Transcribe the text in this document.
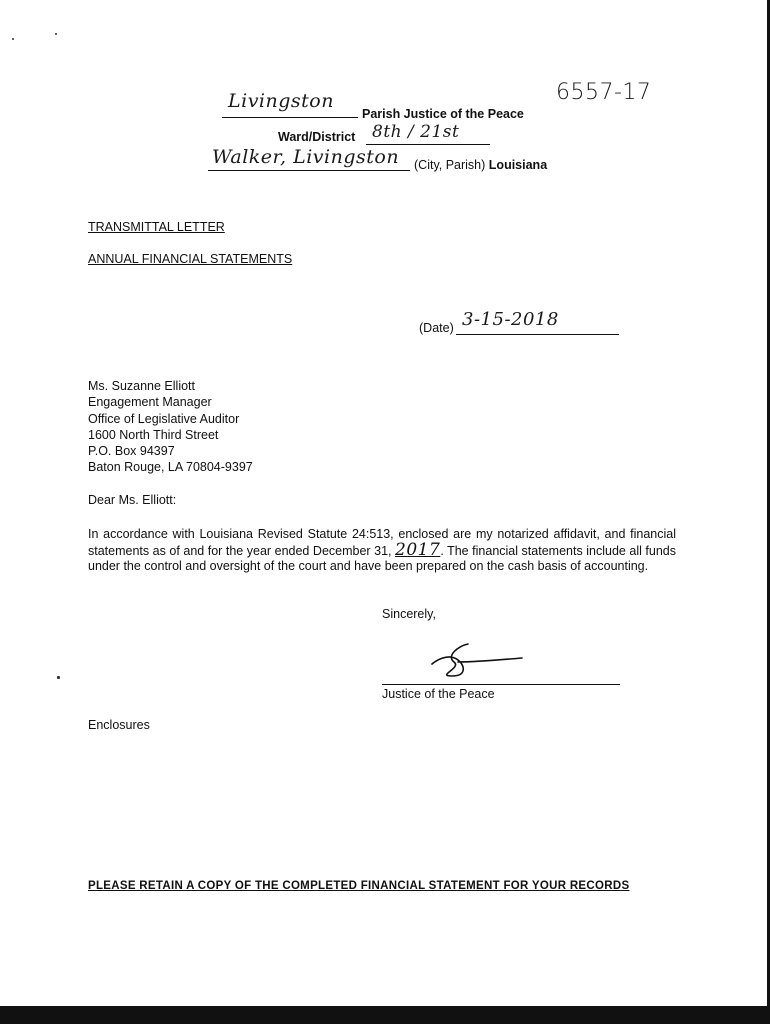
Livingston
Parish Justice of the Peace
6557-17
Ward/District 8th / 21st
Walker, Livingston (City, Parish) Louisiana
TRANSMITTAL LETTER
ANNUAL FINANCIAL STATEMENTS
(Date) 3-15-2018
Ms. Suzanne Elliott
Engagement Manager
Office of Legislative Auditor
1600 North Third Street
P.O. Box 94397
Baton Rouge, LA 70804-9397
Dear Ms. Elliott:
In accordance with Louisiana Revised Statute 24:513, enclosed are my notarized affidavit, and financial statements as of and for the year ended December 31, 2017. The financial statements include all funds under the control and oversight of the court and have been prepared on the cash basis of accounting.
Sincerely,
Justice of the Peace
Enclosures
PLEASE RETAIN A COPY OF THE COMPLETED FINANCIAL STATEMENT FOR YOUR RECORDS
